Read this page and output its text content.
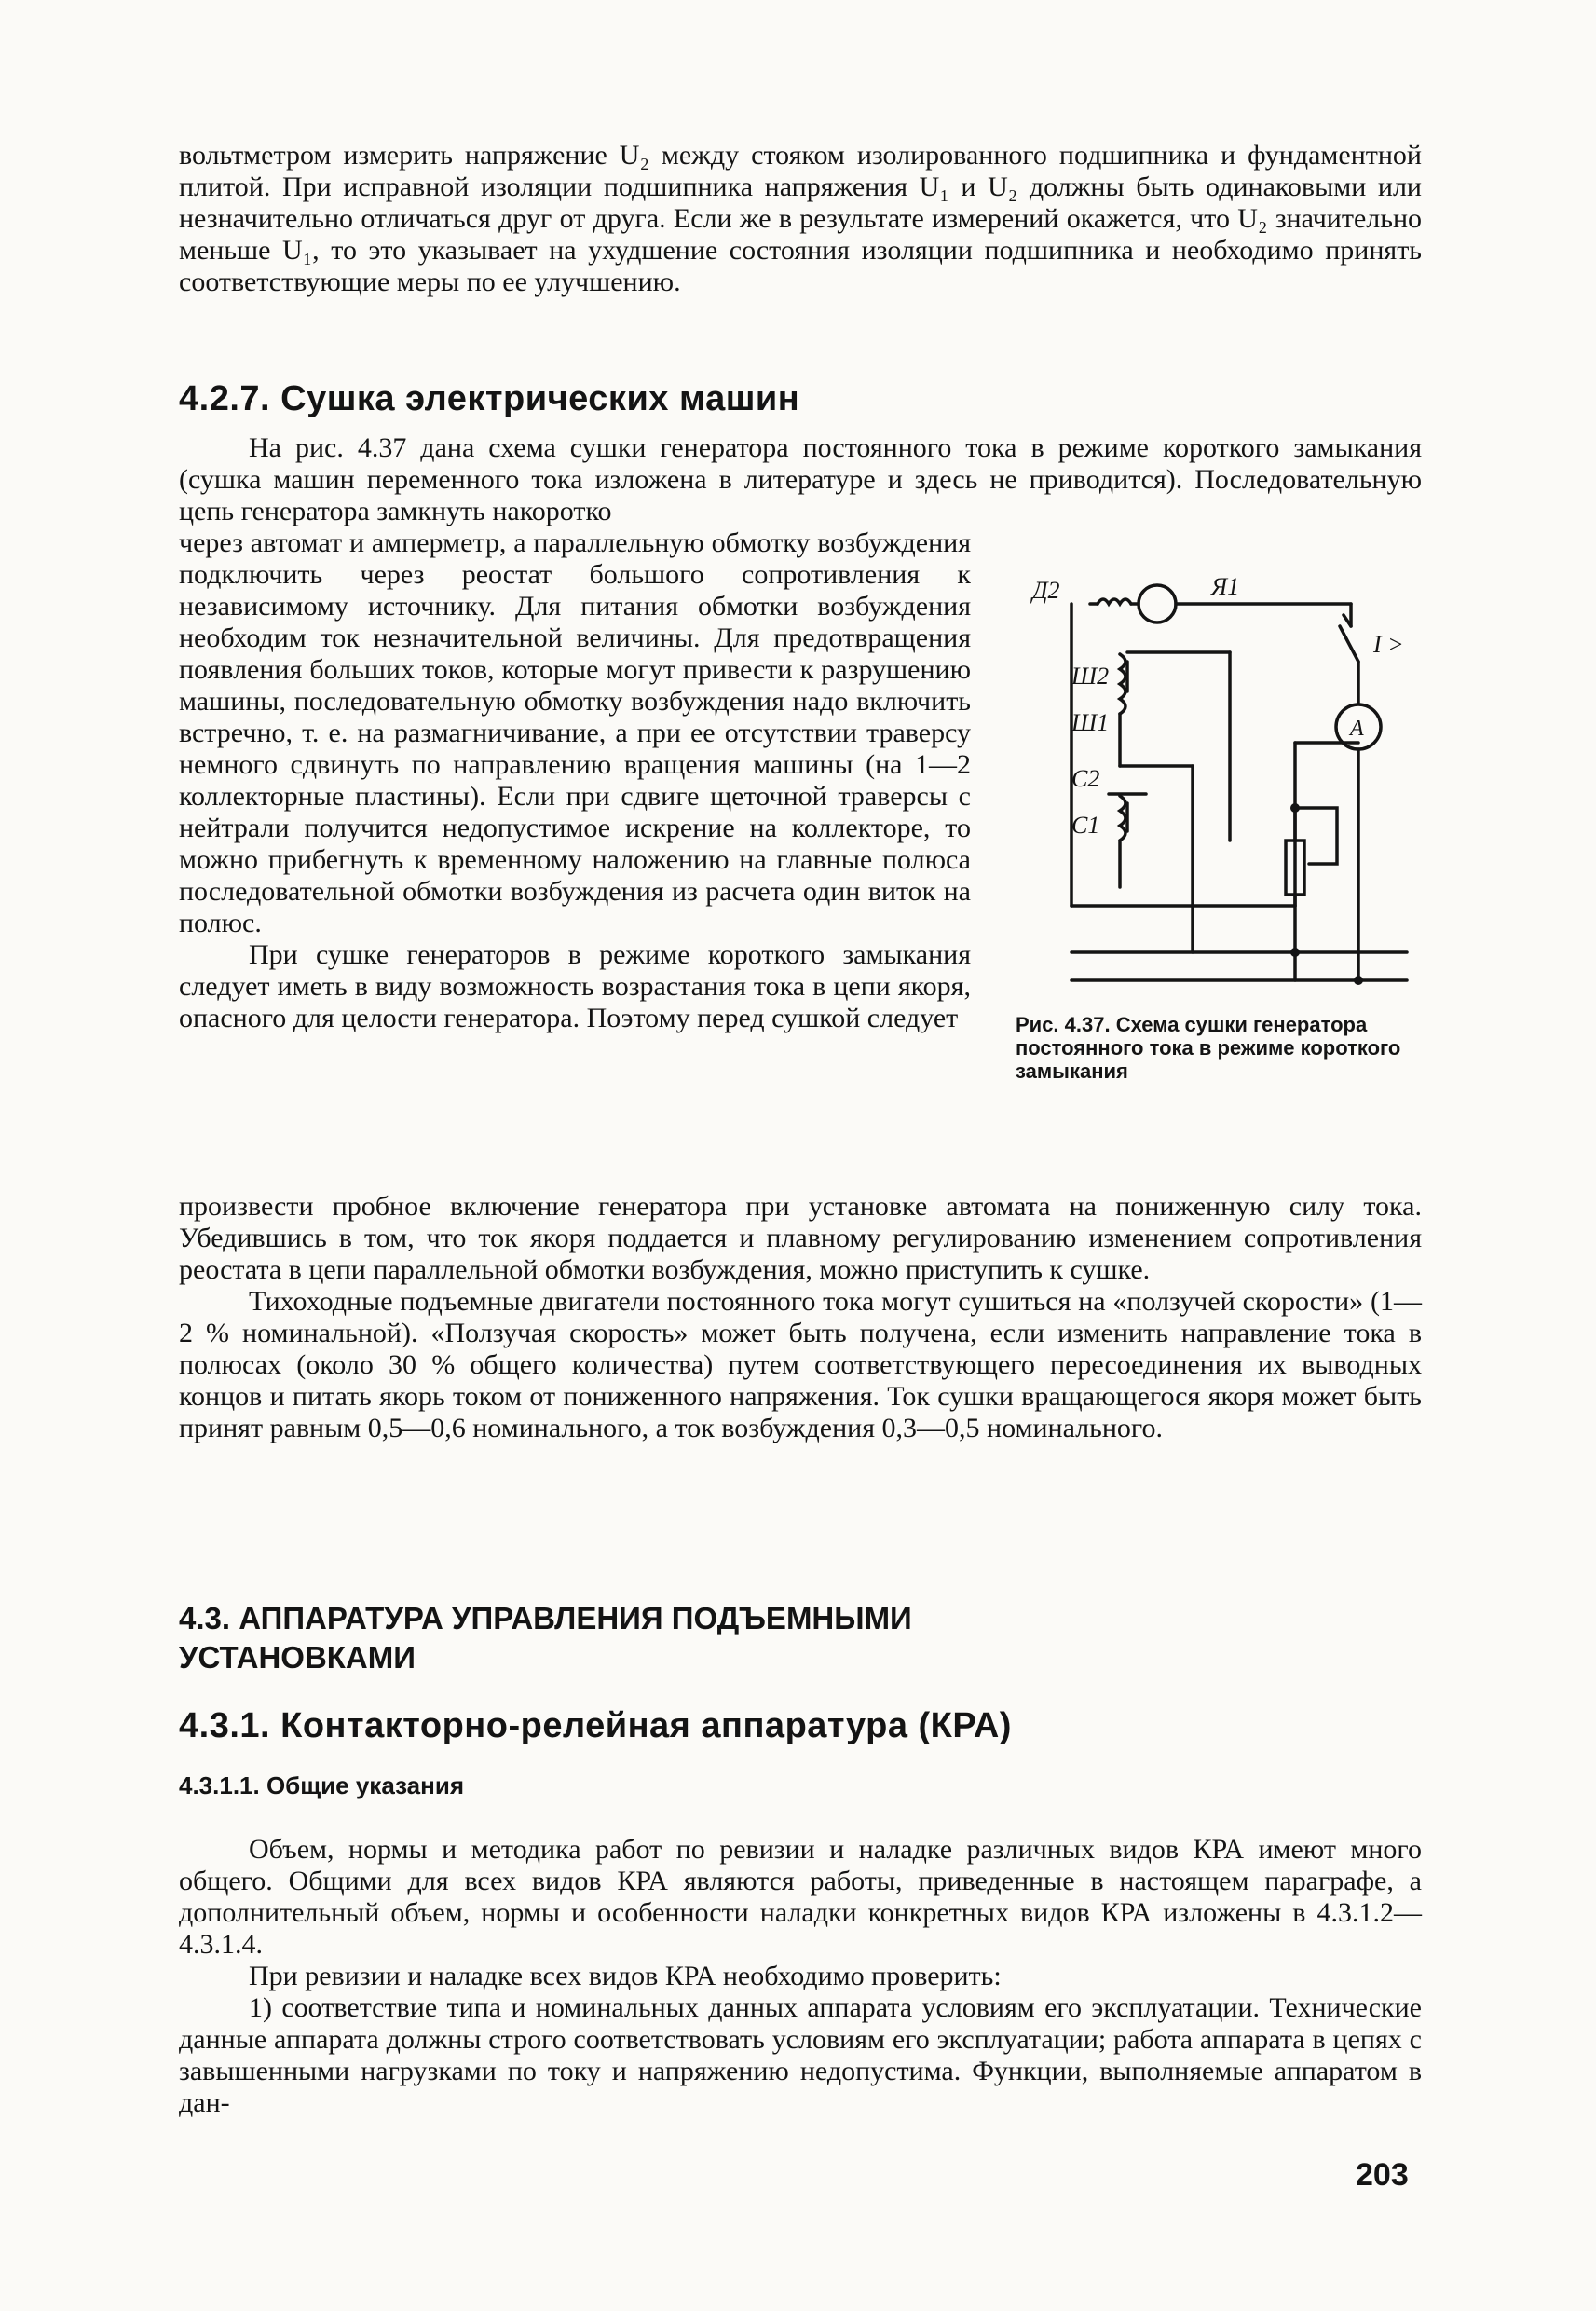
вольтметром измерить напряжение U₂ между стояком изолированного подшипника и фундаментной плитой. При исправной изоляции подшипника напряжения U₁ и U₂ должны быть одинаковыми или незначительно отличаться друг от друга. Если же в результате измерений окажется, что U₂ значительно меньше U₁, то это указывает на ухудшение состояния изоляции подшипника и необходимо принять соответствующие меры по ее улучшению.

4.2.7. Сушка электрических машин

На рис. 4.37 дана схема сушки генератора постоянного тока в режиме короткого замыкания (сушка машин переменного тока изложена в литературе и здесь не приводится). Последовательную цепь генератора замкнуть накоротко

через автомат и амперметр, а параллельную обмотку возбуждения подключить через реостат большого сопротивления к независимому источнику. Для питания обмотки возбуждения необходим ток незначительной величины. Для предотвращения появления больших токов, которые могут привести к разрушению машины, последовательную обмотку возбуждения надо включить встречно, т. е. на размагничивание, а при ее отсутствии траверсу немного сдвинуть по направлению вращения машины (на 1—2 коллекторные пластины). Если при сдвиге щеточной траверсы с нейтрали получится недопустимое искрение на коллекторе, то можно прибегнуть к временному наложению на главные полюса последовательной обмотки возбуждения из расчета один виток на полюс.

При сушке генераторов в режиме короткого замыкания следует иметь в виду возможность возрастания тока в цепи якоря, опасного для целости генератора. Поэтому перед сушкой следует

Д2	Я1
Ш2
Ш1
С2
С1
A
I >
Рис. 4.37. Схема сушки генератора постоянного тока в режиме короткого замыкания

произвести пробное включение генератора при установке автомата на пониженную силу тока. Убедившись в том, что ток якоря поддается и плавному регулированию изменением сопротивления реостата в цепи параллельной обмотки возбуждения, можно приступить к сушке.

Тихоходные подъемные двигатели постоянного тока могут сушиться на «ползучей скорости» (1—2 % номинальной). «Ползучая скорость» может быть получена, если изменить направление тока в полюсах (около 30 % общего количества) путем соответствующего пересоединения их выводных концов и питать якорь током от пониженного напряжения. Ток сушки вращающегося якоря может быть принят равным 0,5—0,6 номинального, а ток возбуждения 0,3—0,5 номинального.

4.3. АППАРАТУРА УПРАВЛЕНИЯ ПОДЪЕМНЫМИ УСТАНОВКАМИ
4.3.1. Контакторно-релейная аппаратура (КРА)
4.3.1.1. Общие указания

Объем, нормы и методика работ по ревизии и наладке различных видов КРА имеют много общего. Общими для всех видов КРА являются работы, приведенные в настоящем параграфе, а дополнительный объем, нормы и особенности наладки конкретных видов КРА изложены в 4.3.1.2—4.3.1.4.

При ревизии и наладке всех видов КРА необходимо проверить:

1) соответствие типа и номинальных данных аппарата условиям его эксплуатации. Технические данные аппарата должны строго соответствовать условиям его эксплуатации; работа аппарата в цепях с завышенными нагрузками по току и напряжению недопустима. Функции, выполняемые аппаратом в дан-

203
